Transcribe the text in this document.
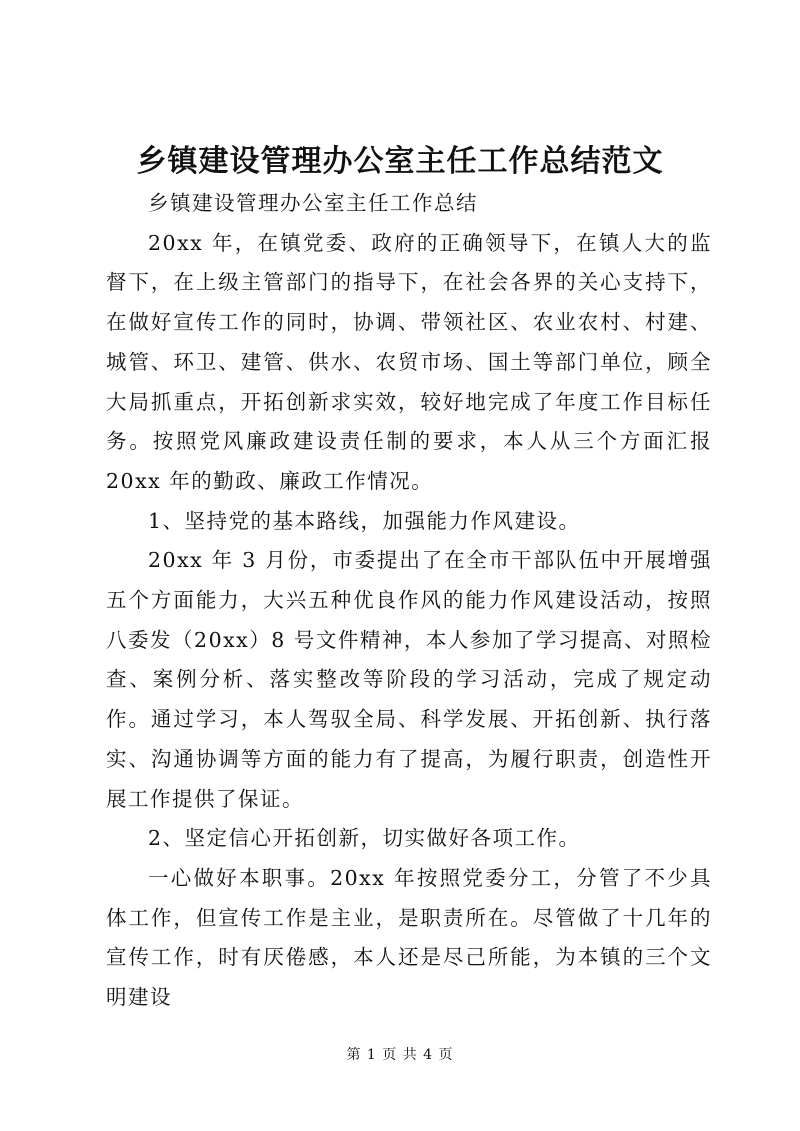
乡镇建设管理办公室主任工作总结范文

乡镇建设管理办公室主任工作总结

20xx 年，在镇党委、政府的正确领导下，在镇人大的监督下，在上级主管部门的指导下，在社会各界的关心支持下，在做好宣传工作的同时，协调、带领社区、农业农村、村建、城管、环卫、建管、供水、农贸市场、国土等部门单位，顾全大局抓重点，开拓创新求实效，较好地完成了年度工作目标任务。按照党风廉政建设责任制的要求，本人从三个方面汇报 20xx 年的勤政、廉政工作情况。

1、坚持党的基本路线，加强能力作风建设。

20xx 年 3 月份，市委提出了在全市干部队伍中开展增强五个方面能力，大兴五种优良作风的能力作风建设活动，按照八委发（20xx）8 号文件精神，本人参加了学习提高、对照检查、案例分析、落实整改等阶段的学习活动，完成了规定动作。通过学习，本人驾驭全局、科学发展、开拓创新、执行落实、沟通协调等方面的能力有了提高，为履行职责，创造性开展工作提供了保证。

2、坚定信心开拓创新，切实做好各项工作。

一心做好本职事。20xx 年按照党委分工，分管了不少具体工作，但宣传工作是主业，是职责所在。尽管做了十几年的宣传工作，时有厌倦感，本人还是尽己所能，为本镇的三个文明建设

第 1 页 共 4 页
